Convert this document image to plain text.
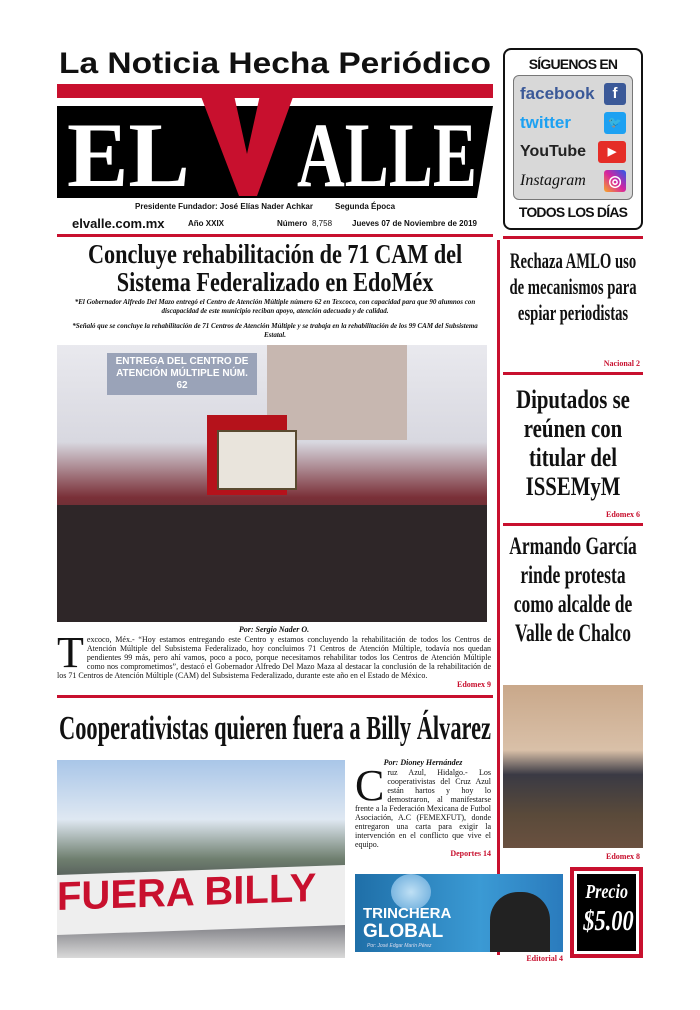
La Noticia Hecha Periódico
EL ALLE
SÍGUENOS EN
facebook	f
twitter	🐦
YouTube	▶
Instagram ◎
TODOS LOS DÍAS
Presidente Fundador: José Elías Nader Achkar	Segunda Época
elvalle.com.mx	Año XXIX	Número 8,758 Jueves 07 de Noviembre de 2019
Concluye rehabilitación de 71 CAM del Sistema Federalizado en EdoMéx
*El Gobernador Alfredo Del Mazo entregó el Centro de Atención Múltiple número 62 en Texcoco, con capacidad para que 90 alumnos con discapacidad de este municipio reciban apoyo, atención adecuada y de calidad.
*Señaló que se concluye la rehabilitación de 71 Centros de Atención Múltiple y se trabaja en la rehabilitación de los 99 CAM del Subsistema Estatal.
ENTREGA DEL CENTRO DE ATENCIÓN MÚLTIPLE NÚM. 62
Por: Sergio Nader O.
Texcoco, Méx.- “Hoy estamos entregando este Centro y estamos concluyendo la rehabilitación de todos los Centros de Atención Múltiple del Subsistema Federalizado, hoy concluimos 71 Centros de Atención Múltiple, todavía nos quedan pendientes 99 más, pero ahí vamos, poco a poco, porque necesitamos rehabilitar todos los Centros de Atención Múltiple como nos comprometimos”, destacó el Gobernador Alfredo Del Mazo Maza al destacar la conclusión de la rehabilitación de los 71 Centros de Atención Múltiple (CAM) del Subsistema Federalizado, durante este año en el Estado de México.
Edomex 9
Cooperativistas quieren fuera a Billy Álvarez
FUERA BILLY
Por: Dioney Hernández
Cruz Azul, Hidalgo.- Los cooperativistas del Cruz Azul están hartos y hoy lo demostraron, al manifestarse frente a la Federación Mexicana de Futbol Asociación, A.C (FEMEXFUT), donde entregaron una carta para exigir la intervención en el conflicto que vive el equipo.
Deportes 14
TRINCHERA
GLOBAL
Por: José Edgar Marín Pérez
Editorial 4
Rechaza AMLO uso de mecanismos para espiar periodistas
Nacional 2
Diputados se reúnen con titular del ISSEMyM
Edomex 6
Armando García rinde protesta como alcalde de Valle de Chalco
Edomex 8
Precio
$5.00
